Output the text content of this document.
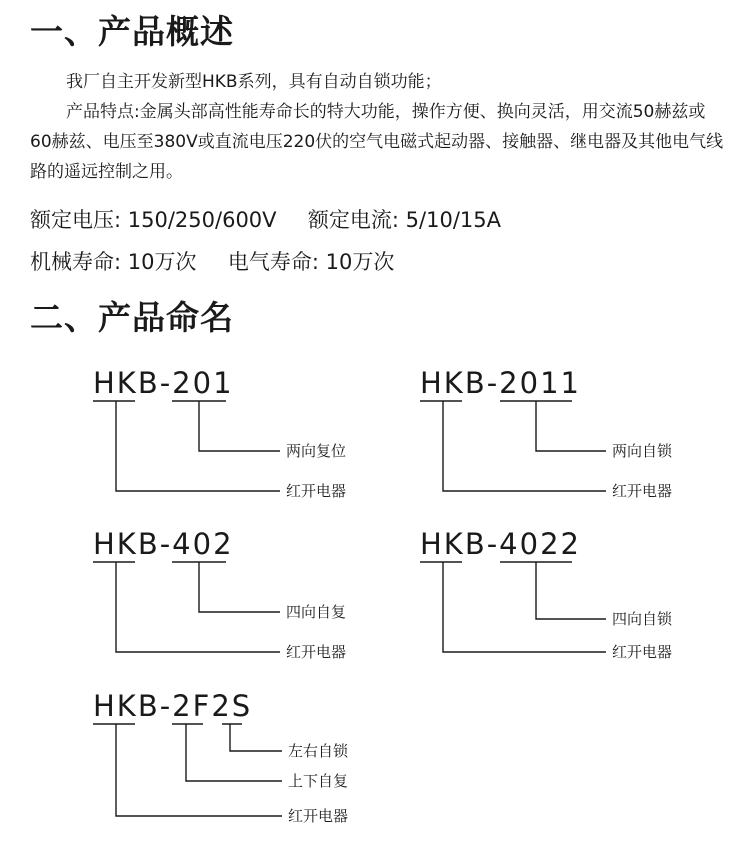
一、产品概述

我厂自主开发新型HKB系列，具有自动自锁功能；

产品特点:金属头部高性能寿命长的特大功能，操作方便、换向灵活，用交流50赫兹或60赫兹、电压至380V或直流电压220伏的空气电磁式起动器、接触器、继电器及其他电气线路的遥远控制之用。

额定电压: 150/250/600V 额定电流: 5/10/15A

机械寿命: 10万次 电气寿命: 10万次

二、产品命名
HKB-201	HKB-2011
HKB-402	HKB-4022
HKB-2F2S
两向复位
红开电器
两向自锁
红开电器
四向自复
红开电器
四向自锁
红开电器
左右自锁
上下自复
红开电器
